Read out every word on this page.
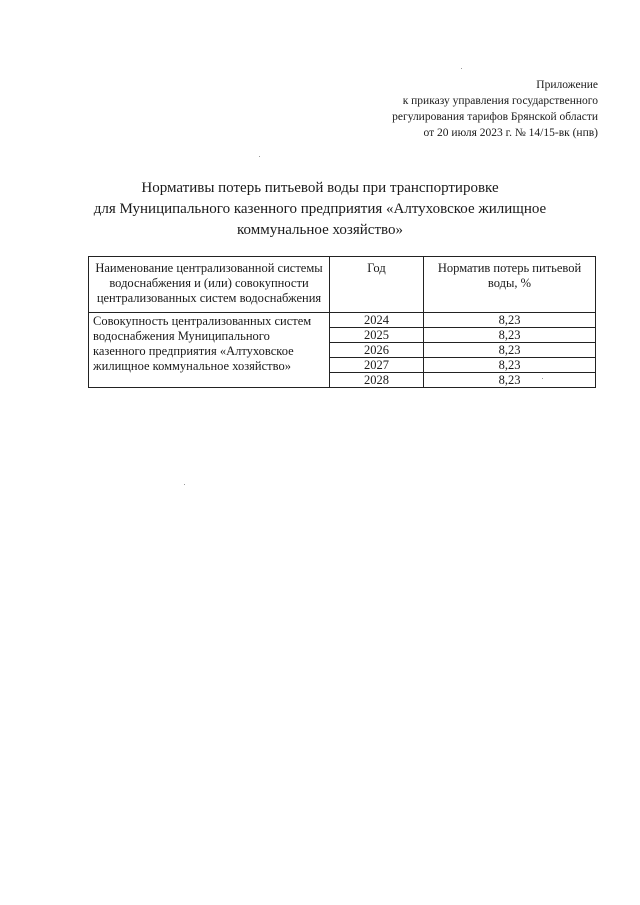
Приложение
к приказу управления государственного
регулирования тарифов Брянской области
от 20 июля 2023 г. № 14/15-вк (нпв)
Нормативы потерь питьевой воды при транспортировке
для Муниципального казенного предприятия «Алтуховское жилищное
коммунальное хозяйство»
Наименование централизованной системы водоснабжения и (или) совокупности централизованных систем водоснабжения	Год	Норматив потерь питьевой воды, %
Совокупность централизованных систем водоснабжения Муниципального казенного предприятия «Алтуховское жилищное коммунальное хозяйство»	2024	8,23
	2025	8,23
	2026	8,23
	2027	8,23
	2028	8,23
